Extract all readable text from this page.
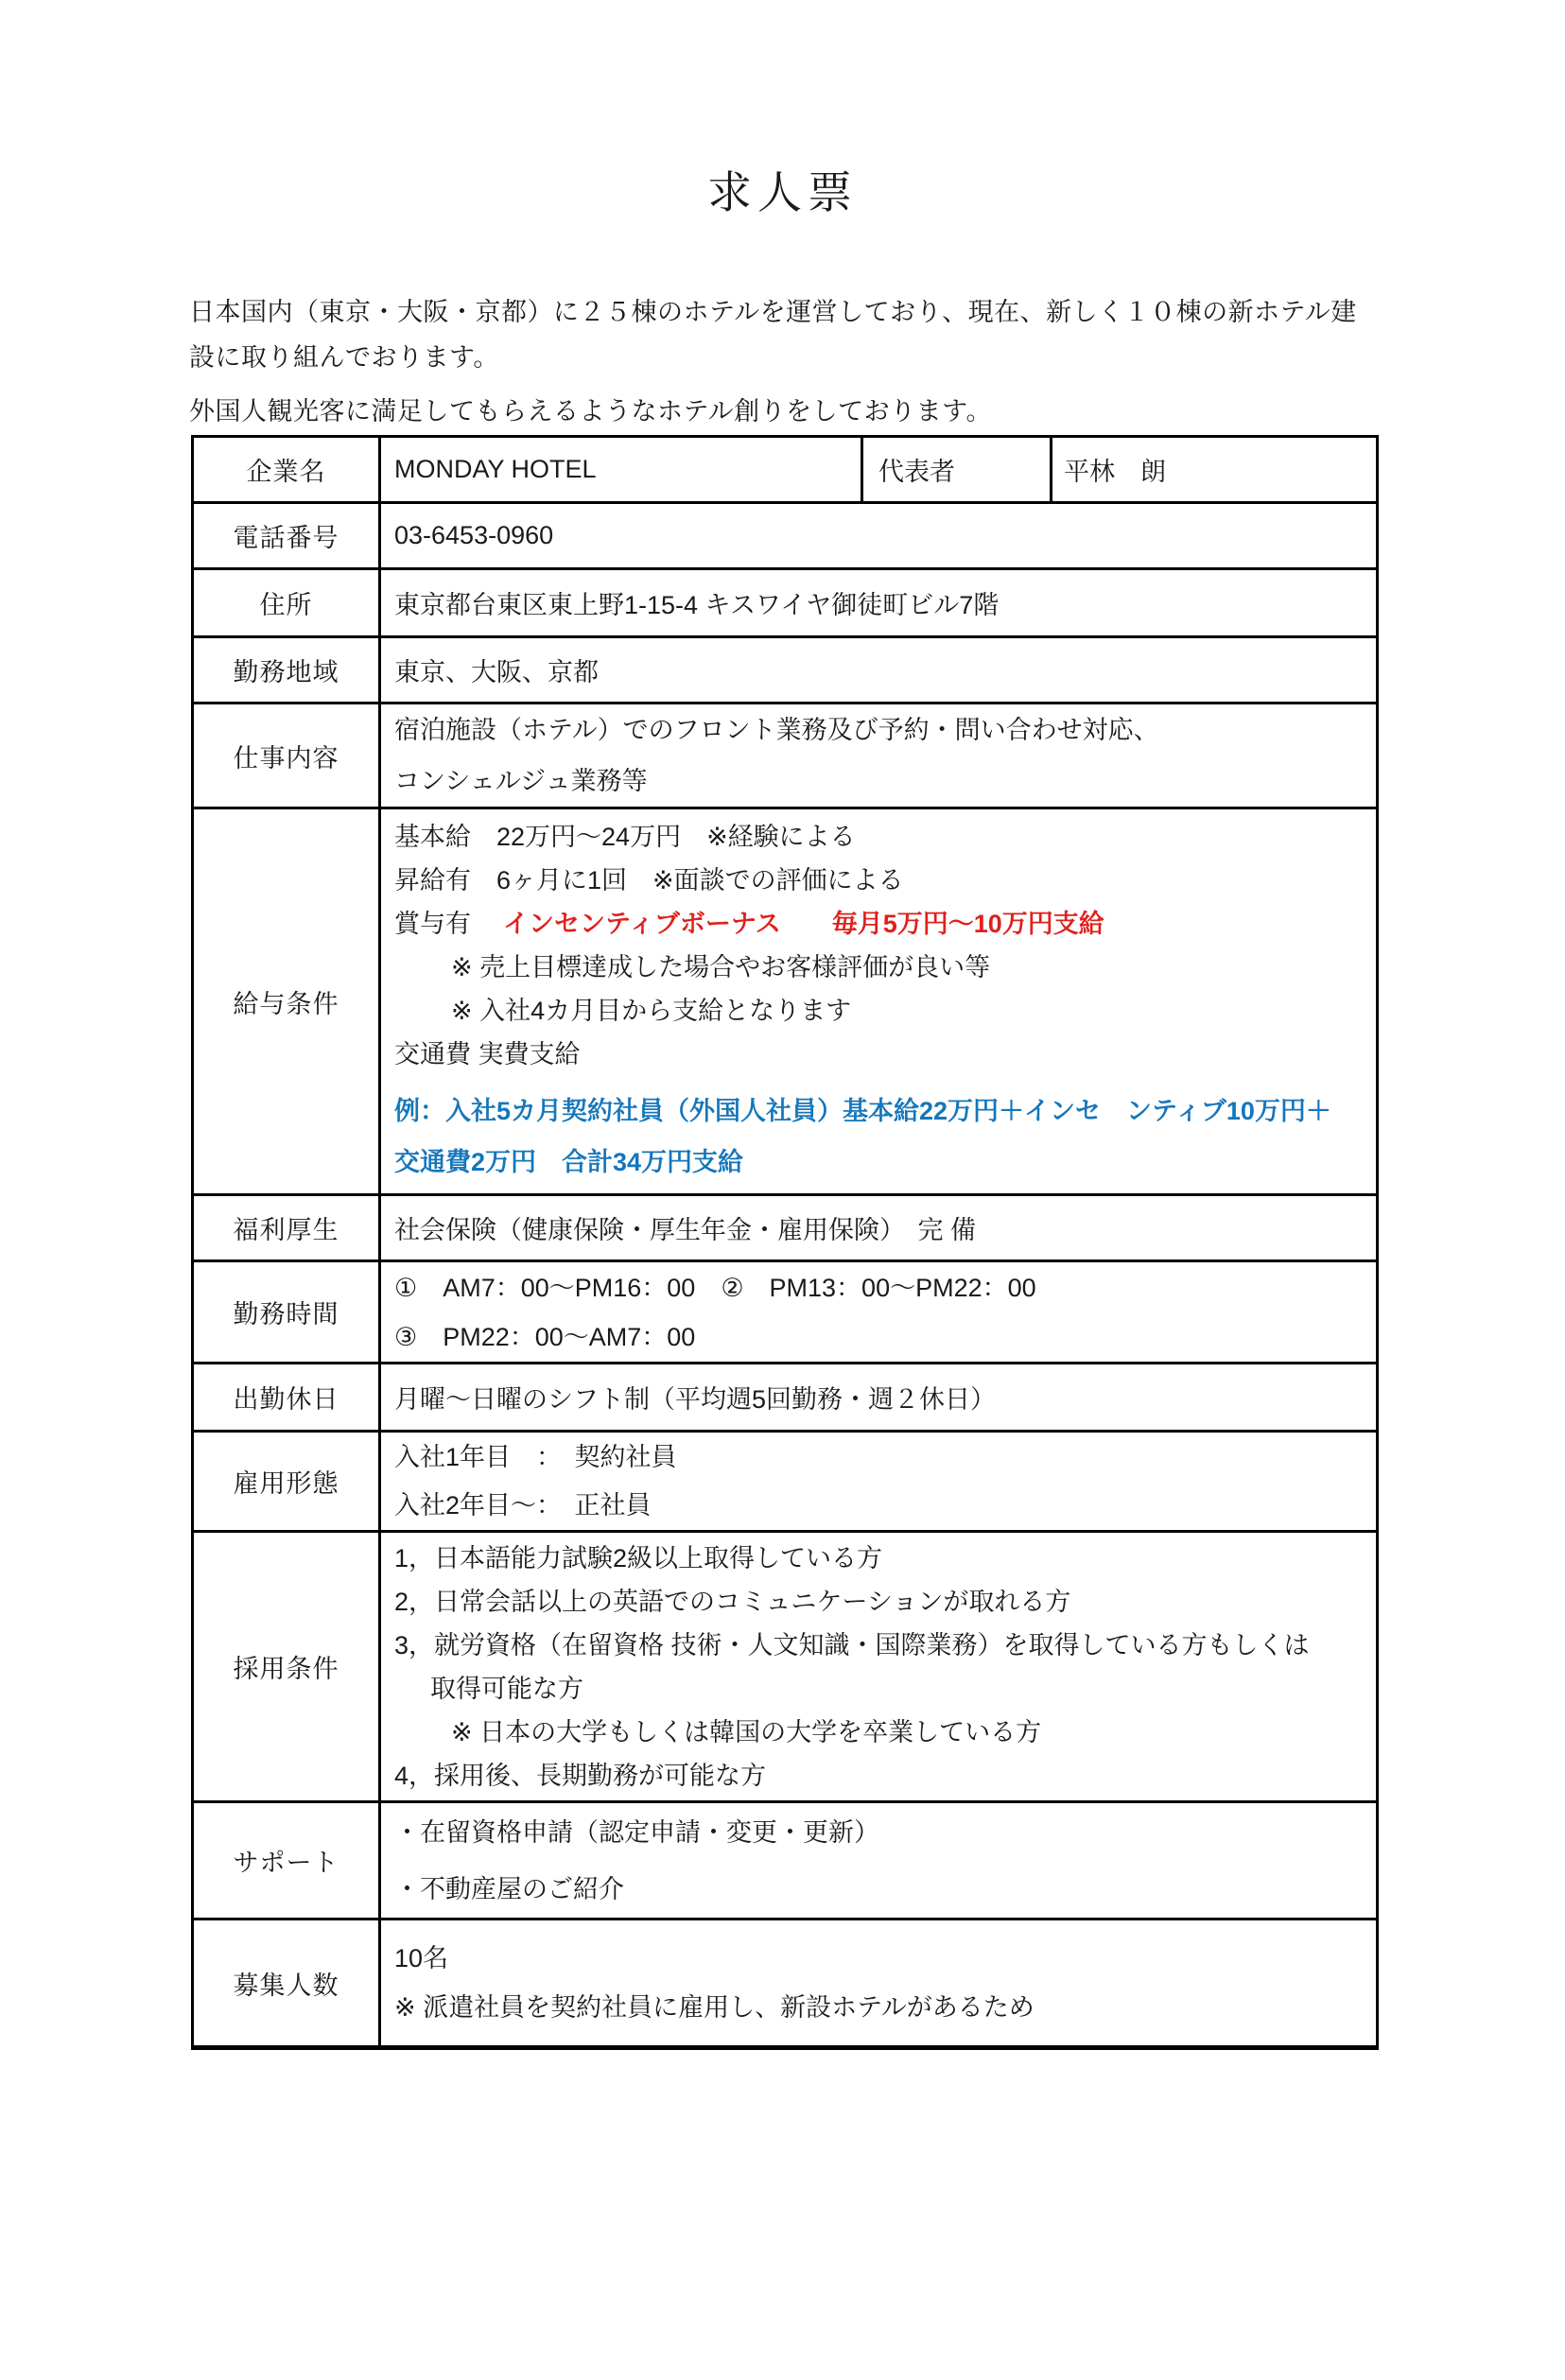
求人票
日本国内（東京・大阪・京都）に２５棟のホテルを運営しており、現在、新しく１０棟の新ホテル建
設に取り組んでおります。
外国人観光客に満足してもらえるようなホテル創りをしております。
企業名	MONDAY HOTEL	代表者	平林　朗
電話番号	03-6453-0960		
住所	東京都台東区東上野1-15-4 キスワイヤ御徒町ビル7階		
勤務地域	東京、大阪、京都		
仕事内容	宿泊施設（ホテル）でのフロント業務及び予約・問い合わせ対応、
コンシェルジュ業務等		

給与条件	
基本給　22万円～24万円　※経験による
昇給有　6ヶ月に1回　※面談での評価による
賞与有 インセンティブボーナス　　毎月5万円～10万円支給
※ 売上目標達成した場合やお客様評価が良い等
※ 入社4カ月目から支給となります
交通費 実費支給
例：入社5カ月契約社員（外国人社員）基本給22万円＋インセ　ンティブ10万円＋
交通費2万円　合計34万円支給

福利厚生	社会保険（健康保険・厚生年金・雇用保険）　完 備		
勤務時間	①　AM7：00～PM16：00　②　PM13：00～PM22：00
③　PM22：00～AM7：00		

出勤休日	月曜～日曜のシフト制（平均週5回勤務・週２休日）		
雇用形態	入社1年目　：　契約社員
入社2年目～：　正社員		

採用条件	
1，日本語能力試験2級以上取得している方
2，日常会話以上の英語でのコミュニケーションが取れる方
3，就労資格（在留資格 技術・人文知識・国際業務）を取得している方もしくは
取得可能な方
※ 日本の大学もしくは韓国の大学を卒業している方
4，採用後、長期勤務が可能な方

サポート	・在留資格申請（認定申請・変更・更新）
・不動産屋のご紹介		

募集人数	10名
※ 派遣社員を契約社員に雇用し、新設ホテルがあるため		
